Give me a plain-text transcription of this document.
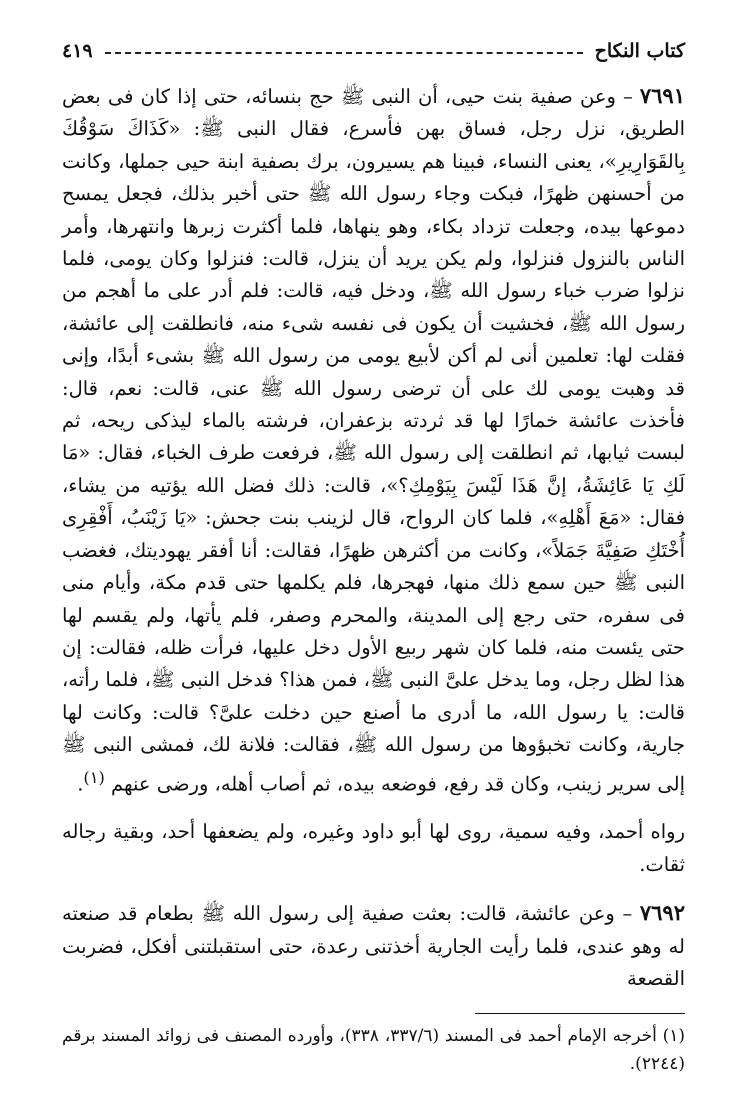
كتاب النكاح
٤١٩

٧٦٩١ – وعن صفية بنت حيى، أن النبى ﷺ حج بنسائه، حتى إذا كان فى بعض الطريق، نزل رجل، فساق بهن فأسرع، فقال النبى ﷺ: «كَذَاكَ سَوْقُكَ بِالقَوَارِيرِ»، يعنى النساء، فبينا هم يسيرون، برك بصفية ابنة حيى جملها، وكانت من أحسنهن ظهرًا، فبكت وجاء رسول الله ﷺ حتى أخبر بذلك، فجعل يمسح دموعها بيده، وجعلت تزداد بكاء، وهو ينهاها، فلما أكثرت زبرها وانتهرها، وأمر الناس بالنزول فنزلوا، ولم يكن يريد أن ينزل، قالت: فنزلوا وكان يومى، فلما نزلوا ضرب خباء رسول الله ﷺ، ودخل فيه، قالت: فلم أدر على ما أهجم من رسول الله ﷺ، فخشيت أن يكون فى نفسه شىء منه، فانطلقت إلى عائشة، فقلت لها: تعلمين أنى لم أكن لأبيع يومى من رسول الله ﷺ بشىء أبدًا، وإنى قد وهبت يومى لك على أن ترضى رسول الله ﷺ عنى، قالت: نعم، قال: فأخذت عائشة خمارًا لها قد ثردته بزعفران، فرشته بالماء ليذكى ريحه، ثم لبست ثيابها، ثم انطلقت إلى رسول الله ﷺ، فرفعت طرف الخباء، فقال: «مَا لَكِ يَا عَائِشَةُ، إنَّ هَذَا لَيْسَ بِيَوْمِكِ؟»، قالت: ذلك فضل الله يؤتيه من يشاء، فقال: «مَعَ أَهْلِهِ»، فلما كان الرواح، قال لزينب بنت جحش: «يَا زَيْنَبُ، أَفْقِرِى أُخْتَكِ صَفِيَّةَ جَمَلاً»، وكانت من أكثرهن ظهرًا، فقالت: أنا أفقر يهوديتك، فغضب النبى ﷺ حين سمع ذلك منها، فهجرها، فلم يكلمها حتى قدم مكة، وأيام منى فى سفره، حتى رجع إلى المدينة، والمحرم وصفر، فلم يأتها، ولم يقسم لها حتى يئست منه، فلما كان شهر ربيع الأول دخل عليها، فرأت ظله، فقالت: إن هذا لظل رجل، وما يدخل علىَّ النبى ﷺ، فمن هذا؟ فدخل النبى ﷺ، فلما رأته، قالت: يا رسول الله، ما أدرى ما أصنع حين دخلت علىَّ؟ قالت: وكانت لها جارية، وكانت تخبؤوها من رسول الله ﷺ، فقالت: فلانة لك، فمشى النبى ﷺ إلى سرير زينب، وكان قد رفع، فوضعه بيده، ثم أصاب أهله، ورضى عنهم $^{(١)}$.

رواه أحمد، وفيه سمية، روى لها أبو داود وغيره، ولم يضعفها أحد، وبقية رجاله ثقات.

٧٦٩٢ – وعن عائشة، قالت: بعثت صفية إلى رسول الله ﷺ بطعام قد صنعته له وهو عندى، فلما رأيت الجارية أخذتنى رعدة، حتى استقبلتنى أفكل، فضربت القصعة

(١) أخرجه الإمام أحمد فى المسند (٣٣٧/٦، ٣٣٨)، وأورده المصنف فى زوائد المسند برقم (٢٢٤٤).
